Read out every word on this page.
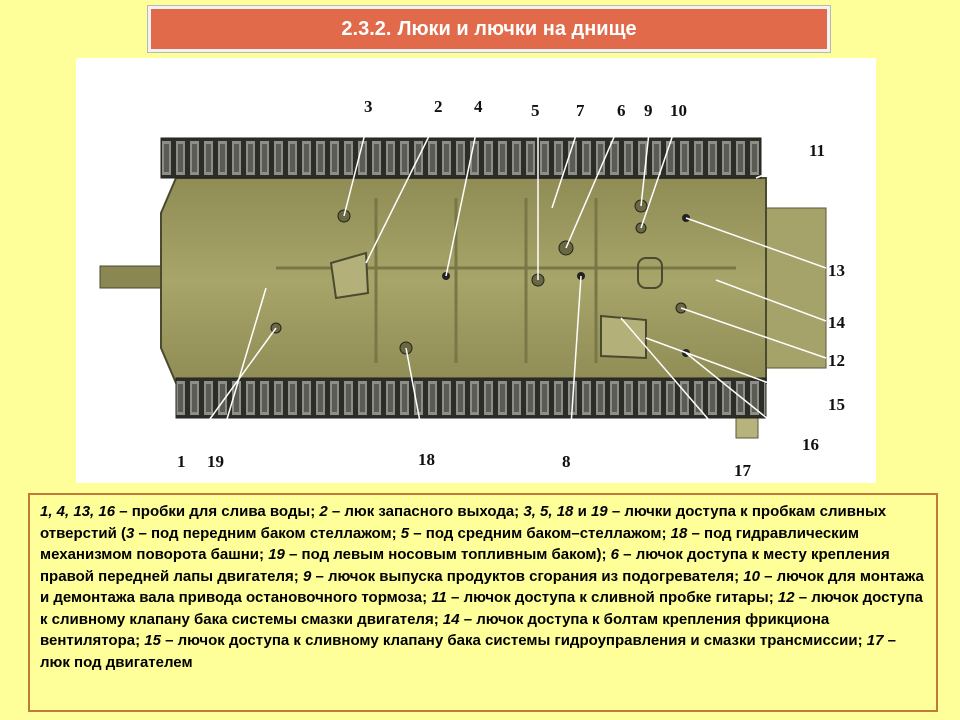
2.3.2. Люки и лючки на днище
3	2 4	5 7 6 9 10
11
13
14
12
15
16
17
8
18
19
1
1, 4, 13, 16 – пробки для слива воды; 2 – люк запасного выхода; 3, 5, 18 и 19 – лючки доступа к пробкам сливных отверстий (3 – под передним баком стеллажом; 5 – под средним баком–стеллажом; 18 – под гидравлическим механизмом поворота башни; 19 – под левым носовым топливным баком); 6 – лючок доступа к месту крепления правой передней лапы двигателя; 9 – лючок выпуска продуктов сгорания из подогревателя; 10 – лючок для монтажа и демонтажа вала привода остановочного тормоза; 11 – лючок доступа к сливной пробке гитары; 12 – лючок доступа к сливному клапану бака системы смазки двигателя; 14 – лючок доступа к болтам крепления фрикциона вентилятора; 15 – лючок доступа к сливному клапану бака системы гидроуправления и смазки трансмиссии; 17 – люк под двигателем
